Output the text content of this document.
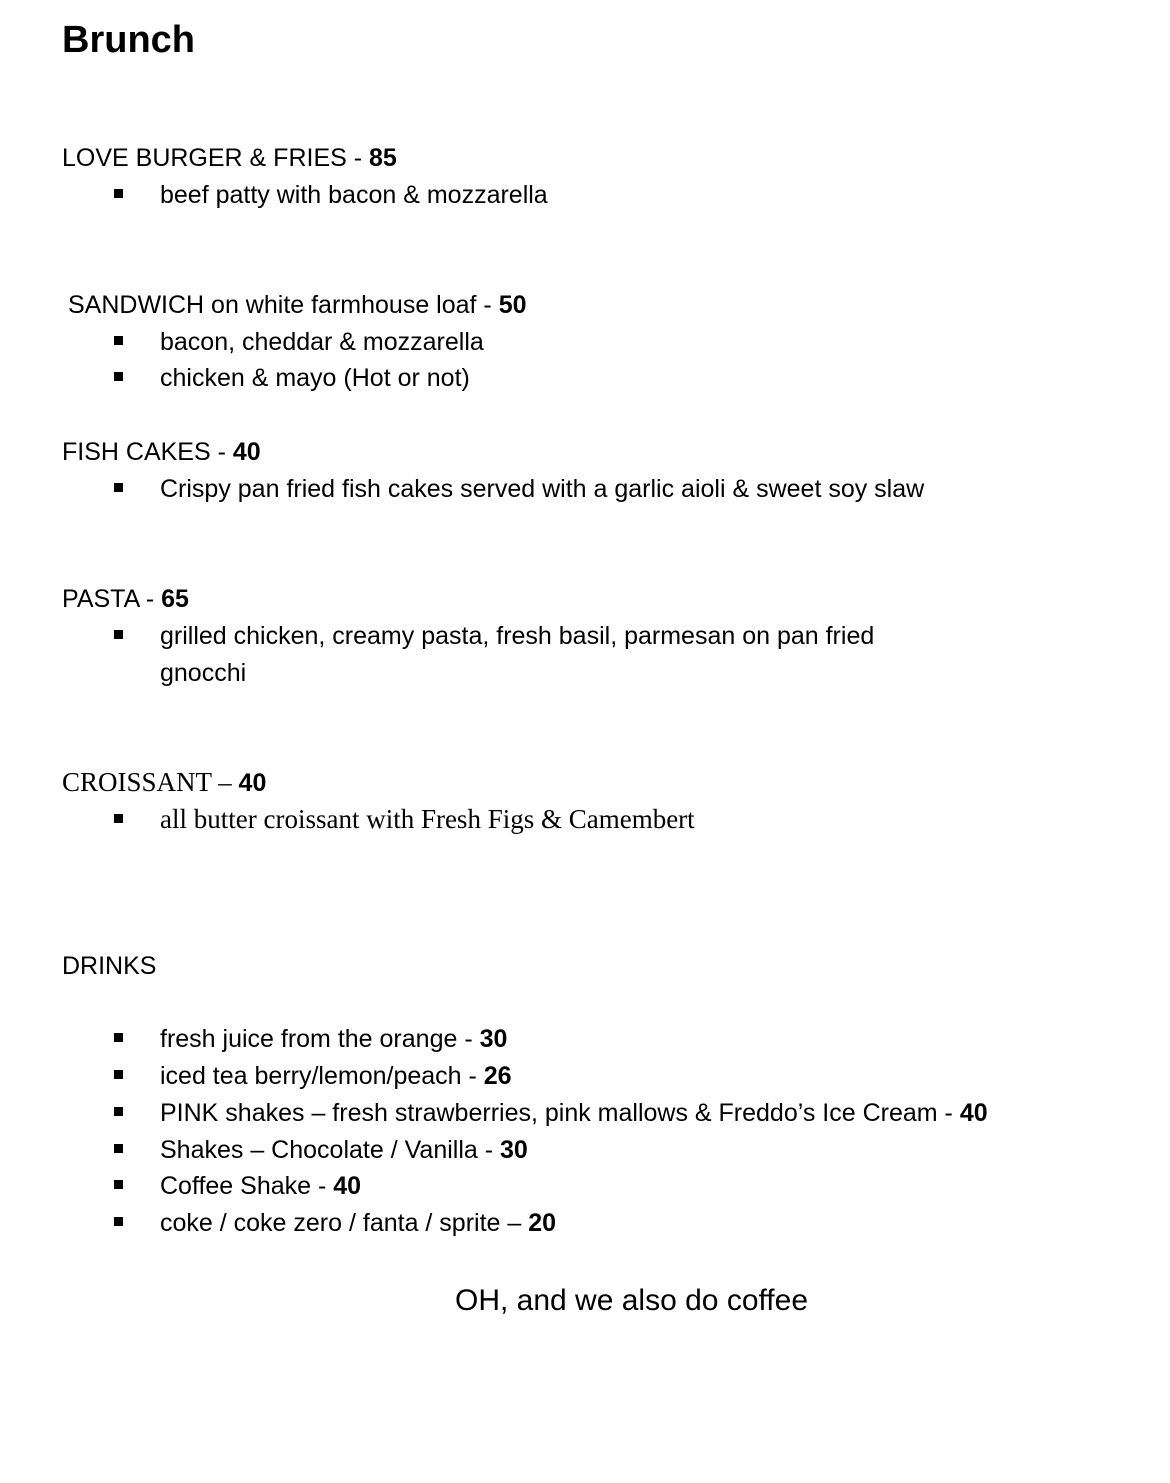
Brunch
LOVE BURGER & FRIES - 85
beef patty with bacon & mozzarella
SANDWICH on white farmhouse loaf - 50
bacon, cheddar & mozzarella
chicken & mayo (Hot or not)
FISH CAKES - 40
Crispy pan fried fish cakes served with a garlic aioli & sweet soy slaw
PASTA - 65
grilled chicken, creamy pasta, fresh basil, parmesan on pan fried
gnocchi
CROISSANT – 40
all butter croissant with Fresh Figs & Camembert
DRINKS
fresh juice from the orange - 30
iced tea berry/lemon/peach - 26
PINK shakes – fresh strawberries, pink mallows & Freddo’s Ice Cream - 40
Shakes – Chocolate / Vanilla - 30
Coffee Shake - 40
coke / coke zero / fanta / sprite – 20
OH, and we also do coffee
